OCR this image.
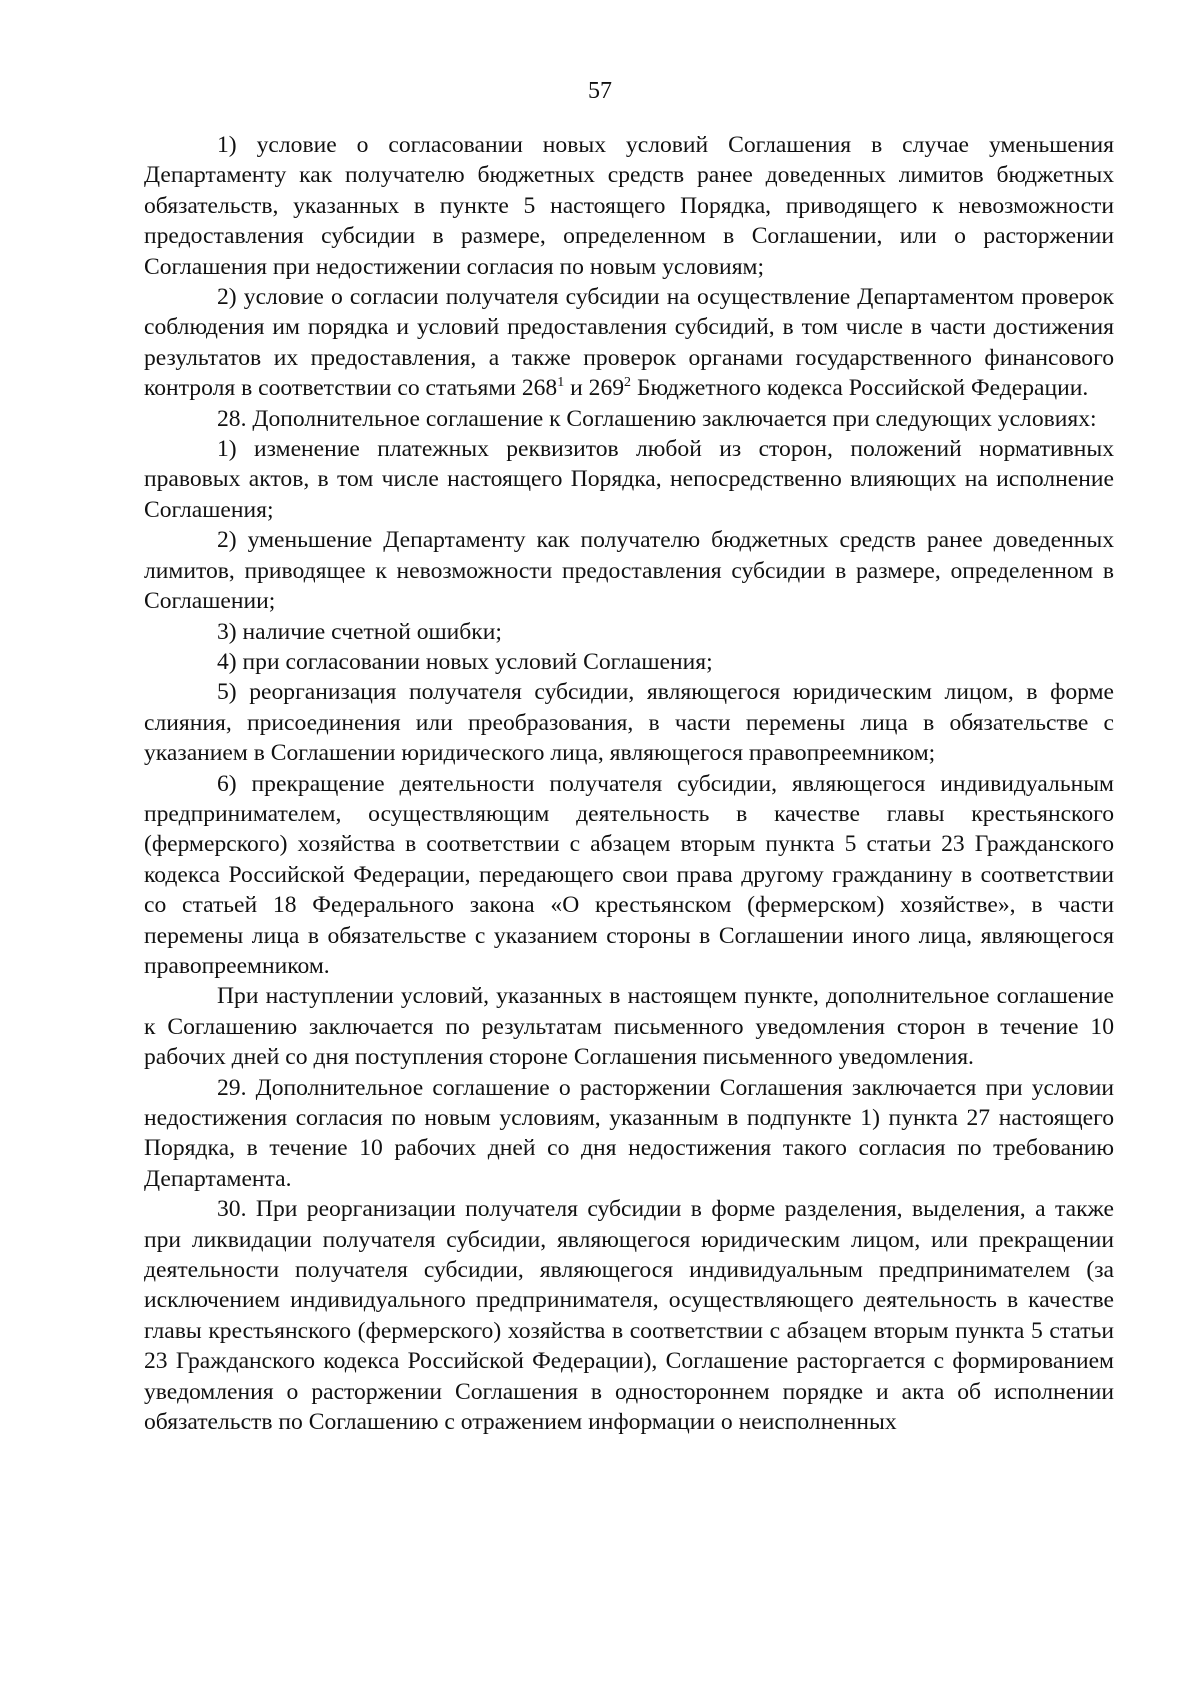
57

1) условие о согласовании новых условий Соглашения в случае уменьшения Департаменту как получателю бюджетных средств ранее доведенных лимитов бюджетных обязательств, указанных в пункте 5 настоящего Порядка, приводящего к невозможности предоставления субсидии в размере, определенном в Соглашении, или о расторжении Соглашения при недостижении согласия по новым условиям;

2) условие о согласии получателя субсидии на осуществление Департаментом проверок соблюдения им порядка и условий предоставления субсидий, в том числе в части достижения результатов их предоставления, а также проверок органами государственного финансового контроля в соответствии со статьями $268^1$ и $269^2$ Бюджетного кодекса Российской Федерации.

28. Дополнительное соглашение к Соглашению заключается при следующих условиях:

1) изменение платежных реквизитов любой из сторон, положений нормативных правовых актов, в том числе настоящего Порядка, непосредственно влияющих на исполнение Соглашения;

2) уменьшение Департаменту как получателю бюджетных средств ранее доведенных лимитов, приводящее к невозможности предоставления субсидии в размере, определенном в Соглашении;

3) наличие счетной ошибки;

4) при согласовании новых условий Соглашения;

5) реорганизация получателя субсидии, являющегося юридическим лицом, в форме слияния, присоединения или преобразования, в части перемены лица в обязательстве с указанием в Соглашении юридического лица, являющегося правопреемником;

6) прекращение деятельности получателя субсидии, являющегося индивидуальным предпринимателем, осуществляющим деятельность в качестве главы крестьянского (фермерского) хозяйства в соответствии с абзацем вторым пункта 5 статьи 23 Гражданского кодекса Российской Федерации, передающего свои права другому гражданину в соответствии со статьей 18 Федерального закона «О крестьянском (фермерском) хозяйстве», в части перемены лица в обязательстве с указанием стороны в Соглашении иного лица, являющегося правопреемником.

При наступлении условий, указанных в настоящем пункте, дополнительное соглашение к Соглашению заключается по результатам письменного уведомления сторон в течение 10 рабочих дней со дня поступления стороне Соглашения письменного уведомления.

29. Дополнительное соглашение о расторжении Соглашения заключается при условии недостижения согласия по новым условиям, указанным в подпункте 1) пункта 27 настоящего Порядка, в течение 10 рабочих дней со дня недостижения такого согласия по требованию Департамента.

30. При реорганизации получателя субсидии в форме разделения, выделения, а также при ликвидации получателя субсидии, являющегося юридическим лицом, или прекращении деятельности получателя субсидии, являющегося индивидуальным предпринимателем (за исключением индивидуального предпринимателя, осуществляющего деятельность в качестве главы крестьянского (фермерского) хозяйства в соответствии с абзацем вторым пункта 5 статьи 23 Гражданского кодекса Российской Федерации), Соглашение расторгается с формированием уведомления о расторжении Соглашения в одностороннем порядке и акта об исполнении обязательств по Соглашению с отражением информации о неисполненных
